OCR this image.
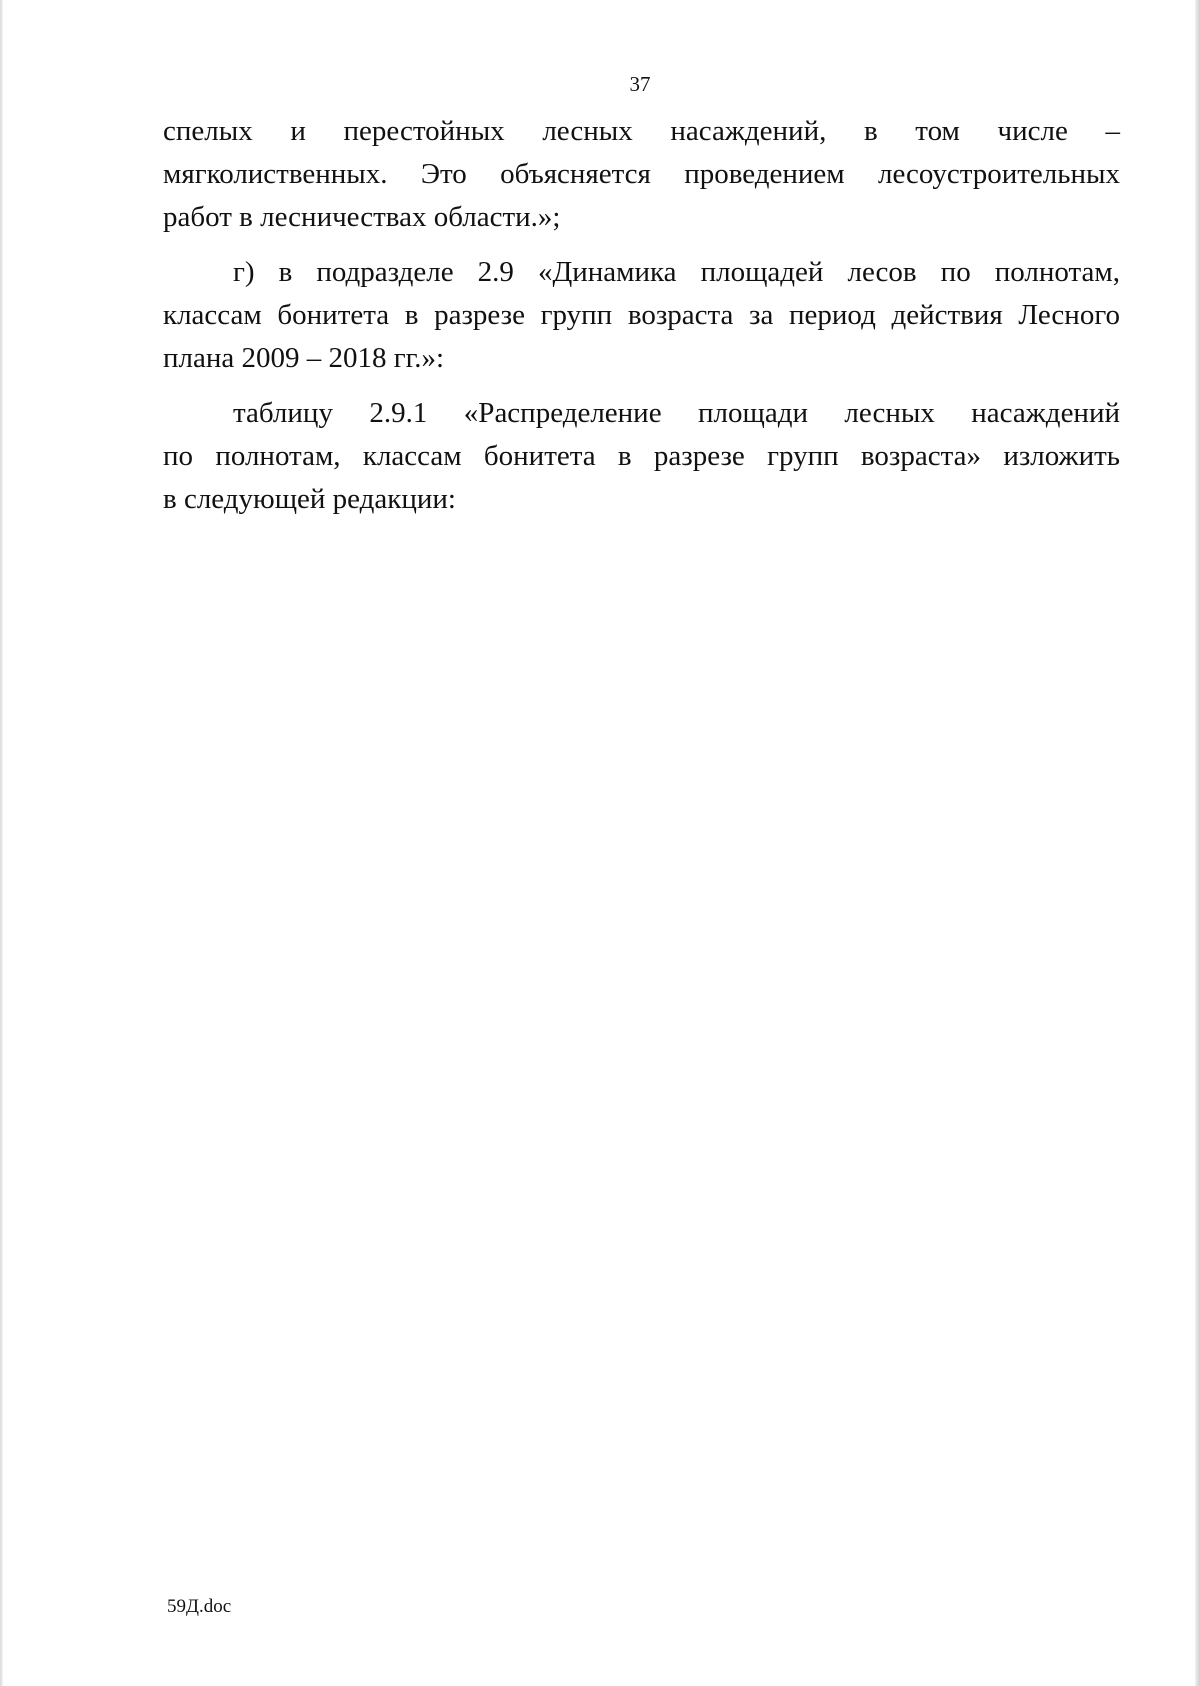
37

спелых и перестойных лесных насаждений, в том числе –
мягколиственных. Это объясняется проведением лесоустроительных
работ в лесничествах области.»;

г) в подразделе 2.9 «Динамика площадей лесов по полнотам,
классам бонитета в разрезе групп возраста за период действия Лесного
плана 2009 – 2018 гг.»:

таблицу 2.9.1 «Распределение площади лесных насаждений
по полнотам, классам бонитета в разрезе групп возраста» изложить
в следующей редакции:

59Д.doc
